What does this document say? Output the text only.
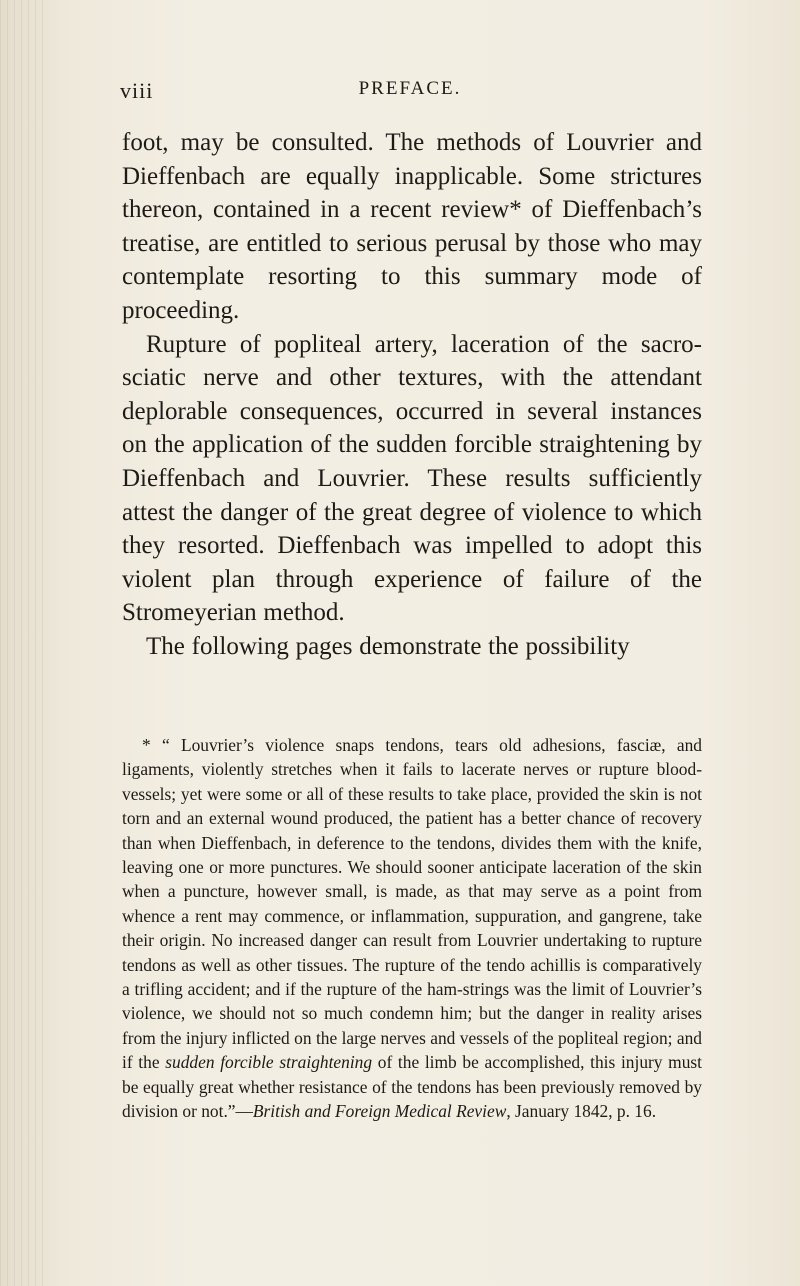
viii	PREFACE.

foot, may be consulted. The methods of Louvrier and Dieffenbach are equally inapplicable. Some strictures thereon, contained in a recent review* of Dieffenbach’s treatise, are entitled to serious perusal by those who may contemplate resorting to this summary mode of proceeding.

Rupture of popliteal artery, laceration of the sacro-sciatic nerve and other textures, with the attendant deplorable consequences, occurred in several instances on the application of the sudden forcible straightening by Dieffenbach and Louvrier. These results sufficiently attest the danger of the great degree of violence to which they resorted. Dieffenbach was impelled to adopt this violent plan through experience of failure of the Stromeyerian method.

The following pages demonstrate the possibility

* “ Louvrier’s violence snaps tendons, tears old adhesions, fasciæ, and ligaments, violently stretches when it fails to lacerate nerves or rupture blood-vessels; yet were some or all of these results to take place, provided the skin is not torn and an external wound produced, the patient has a better chance of recovery than when Dieffenbach, in deference to the tendons, divides them with the knife, leaving one or more punctures. We should sooner anticipate laceration of the skin when a puncture, however small, is made, as that may serve as a point from whence a rent may commence, or inflammation, suppuration, and gangrene, take their origin. No increased danger can result from Louvrier undertaking to rupture tendons as well as other tissues. The rupture of the tendo achillis is comparatively a trifling accident; and if the rupture of the ham-strings was the limit of Louvrier’s violence, we should not so much condemn him; but the danger in reality arises from the injury inflicted on the large nerves and vessels of the popliteal region; and if the sudden forcible straightening of the limb be accomplished, this injury must be equally great whether resistance of the tendons has been previously removed by division or not.”—British and Foreign Medical Review, January 1842, p. 16.
